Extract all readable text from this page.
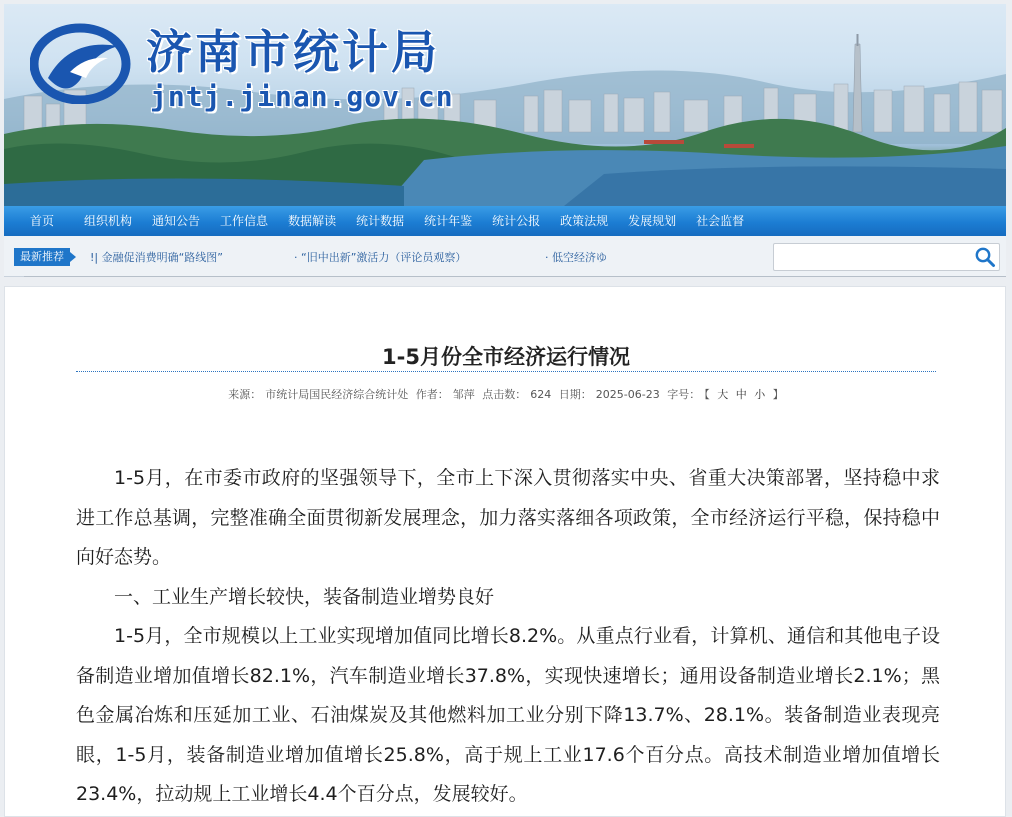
济南市统计局
jntj.jinan.gov.cn
首页	组织机构	通知公告	工作信息	数据解读	统计数据	统计年鉴	统计公报	政策法规	发展规划	社会监督
最新推荐	!| 金融促消费明确“路线图”	· “旧中出新”激活力（评论员观察）	· 低空经济ゆ
1-5月份全市经济运行情况
来源： 市统计局国民经济综合统计处 作者： 邹萍 点击数： 624 日期： 2025-06-23 字号： 【 大 中 小 】

1-5月，在市委市政府的坚强领导下，全市上下深入贯彻落实中央、省重大决策部署，坚持稳中求进工作总基调，完整准确全面贯彻新发展理念，加力落实落细各项政策，全市经济运行平稳，保持稳中向好态势。

一、工业生产增长较快，装备制造业增势良好

1-5月，全市规模以上工业实现增加值同比增长8.2%。从重点行业看，计算机、通信和其他电子设备制造业增加值增长82.1%，汽车制造业增长37.8%，实现快速增长；通用设备制造业增长2.1%；黑色金属冶炼和压延加工业、石油煤炭及其他燃料加工业分别下降13.7%、28.1%。装备制造业表现亮眼，1-5月，装备制造业增加值增长25.8%，高于规上工业17.6个百分点。高技术制造业增加值增长23.4%，拉动规上工业增长4.4个百分点，发展较好。
